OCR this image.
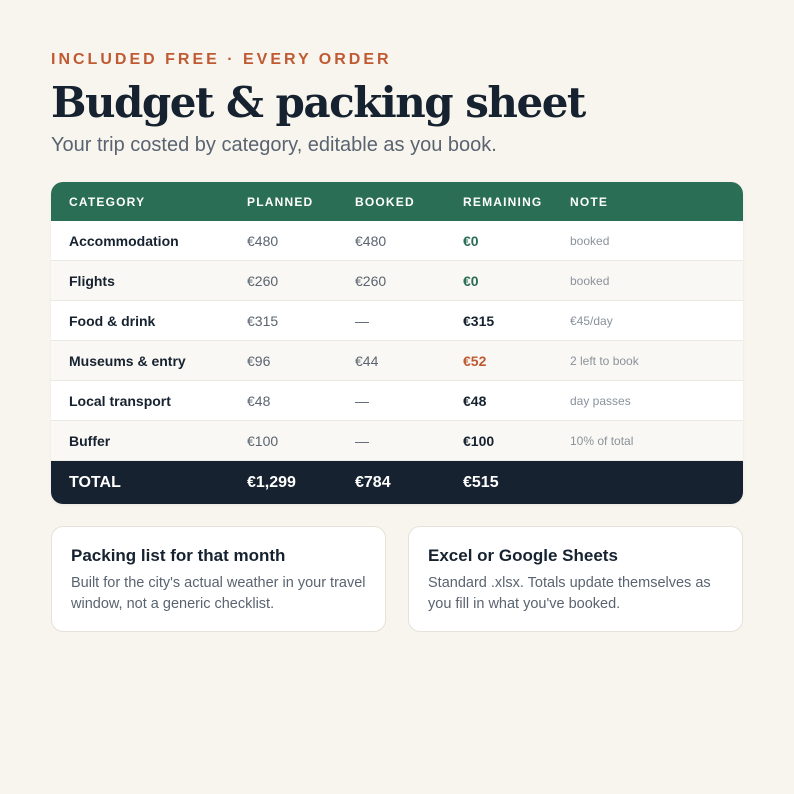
INCLUDED FREE · EVERY ORDER

Budget & packing sheet

Your trip costed by category, editable as you book.

CATEGORY	PLANNED	BOOKED	REMAINING	NOTE
Accommodation	€480	€480	€0	booked
Flights	€260	€260	€0	booked
Food & drink	€315	—	€315	€45/day
Museums & entry	€96	€44	€52	2 left to book
Local transport	€48	—	€48	day passes
Buffer	€100	—	€100	10% of total
TOTAL	€1,299	€784	€515
Packing list for that month

Built for the city's actual weather in your travel window, not a generic checklist.

Excel or Google Sheets

Standard .xlsx. Totals update themselves as you fill in what you've booked.
